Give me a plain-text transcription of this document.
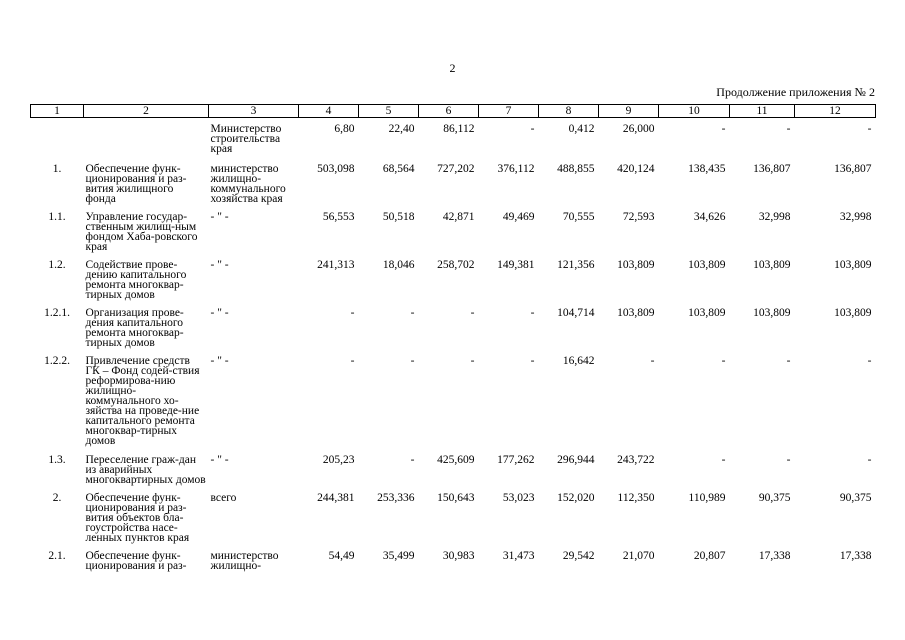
2
Продолжение приложения № 2
1	2	3	4	5	6	7	8	9	10	11	12
		Министерство строительства края	6,80	22,40	86,112	-	0,412	26,000	-	-	-
1.	Обеспечение функ-ционирования и раз-вития жилищного фонда	министерство жилищно-коммунального хозяйства края	503,098	68,564	727,202	376,112	488,855	420,124	138,435	136,807	136,807
1.1.	Управление государ-ственным жилищ-ным фондом Хаба-ровского края	- " -	56,553	50,518	42,871	49,469	70,555	72,593	34,626	32,998	32,998
1.2.	Содействие прове-дению капитального ремонта многоквар-тирных домов	- " -	241,313	18,046	258,702	149,381	121,356	103,809	103,809	103,809	103,809
1.2.1.	Организация прове-дения капитального ремонта многоквар-тирных домов	- " -	-	-	-	-	104,714	103,809	103,809	103,809	103,809
1.2.2.	Привлечение средств ГК – Фонд содей-ствия реформирова-нию жилищно-коммунального хо-зяйства на проведе-ние капитального ремонта многоквар-тирных домов	- " -	-	-	-	-	16,642	-	-	-	-
1.3.	Переселение граж-дан из аварийных многоквартирных домов	- " -	205,23	-	425,609	177,262	296,944	243,722	-	-	-
2.	Обеспечение функ-ционирования и раз-вития объектов бла-гоустройства насе-ленных пунктов края	всего	244,381	253,336	150,643	53,023	152,020	112,350	110,989	90,375	90,375
2.1.	Обеспечение функ-ционирования и раз-	министерство жилищно-	54,49	35,499	30,983	31,473	29,542	21,070	20,807	17,338	17,338
